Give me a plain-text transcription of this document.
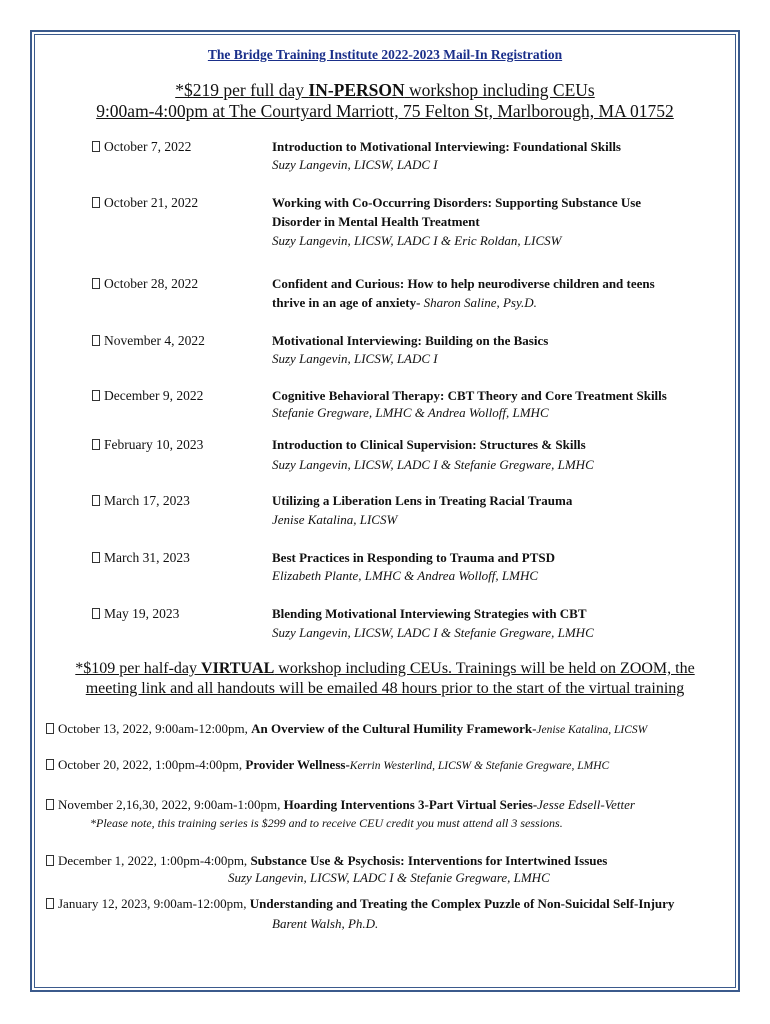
The Bridge Training Institute 2022-2023 Mail-In Registration
*$219 per full day IN-PERSON workshop including CEUs
9:00am-4:00pm at The Courtyard Marriott, 75 Felton St, Marlborough, MA 01752
October 7, 2022	Introduction to Motivational Interviewing: Foundational Skills
Suzy Langevin, LICSW, LADC I
October 21, 2022	Working with Co-Occurring Disorders: Supporting Substance Use
Disorder in Mental Health Treatment
Suzy Langevin, LICSW, LADC I & Eric Roldan, LICSW
October 28, 2022	Confident and Curious: How to help neurodiverse children and teens
thrive in an age of anxiety- Sharon Saline, Psy.D.
November 4, 2022	Motivational Interviewing: Building on the Basics
Suzy Langevin, LICSW, LADC I
December 9, 2022	Cognitive Behavioral Therapy: CBT Theory and Core Treatment Skills
Stefanie Gregware, LMHC & Andrea Wolloff, LMHC
February 10, 2023	Introduction to Clinical Supervision: Structures & Skills
Suzy Langevin, LICSW, LADC I & Stefanie Gregware, LMHC
March 17, 2023	Utilizing a Liberation Lens in Treating Racial Trauma
Jenise Katalina, LICSW
March 31, 2023	Best Practices in Responding to Trauma and PTSD
Elizabeth Plante, LMHC & Andrea Wolloff, LMHC
May 19, 2023	Blending Motivational Interviewing Strategies with CBT
Suzy Langevin, LICSW, LADC I & Stefanie Gregware, LMHC
*$109 per half-day VIRTUAL workshop including CEUs. Trainings will be held on ZOOM, the
meeting link and all handouts will be emailed 48 hours prior to the start of the virtual training
October 13, 2022, 9:00am-12:00pm, An Overview of the Cultural Humility Framework-Jenise Katalina, LICSW
October 20, 2022, 1:00pm-4:00pm, Provider Wellness-Kerrin Westerlind, LICSW & Stefanie Gregware, LMHC
November 2,16,30, 2022, 9:00am-1:00pm, Hoarding Interventions 3-Part Virtual Series-Jesse Edsell-Vetter
*Please note, this training series is $299 and to receive CEU credit you must attend all 3 sessions.
December 1, 2022, 1:00pm-4:00pm, Substance Use & Psychosis: Interventions for Intertwined Issues
Suzy Langevin, LICSW, LADC I & Stefanie Gregware, LMHC
January 12, 2023, 9:00am-12:00pm, Understanding and Treating the Complex Puzzle of Non-Suicidal Self-Injury
Barent Walsh, Ph.D.
